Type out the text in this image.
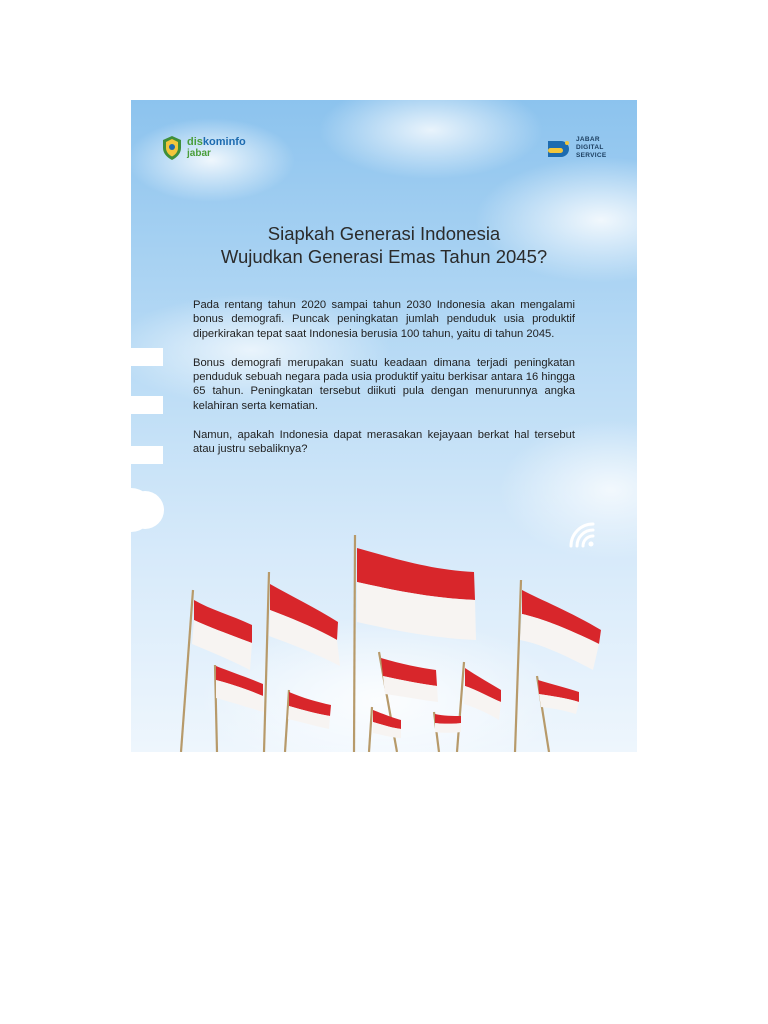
diskominfo
jabar
JABAR
DIGITAL
SERVICE
Siapkah Generasi Indonesia
Wujudkan Generasi Emas Tahun 2045?

Pada rentang tahun 2020 sampai tahun 2030 Indonesia akan mengalami bonus demografi. Puncak peningkatan jumlah penduduk usia produktif diperkirakan tepat saat Indonesia berusia 100 tahun, yaitu di tahun 2045.

Bonus demografi merupakan suatu keadaan dimana terjadi peningkatan penduduk sebuah negara pada usia produktif yaitu berkisar antara 16 hingga 65 tahun. Peningkatan tersebut diikuti pula dengan menurunnya angka kelahiran serta kematian.

Namun, apakah Indonesia dapat merasakan kejayaan berkat hal tersebut atau justru sebaliknya?
